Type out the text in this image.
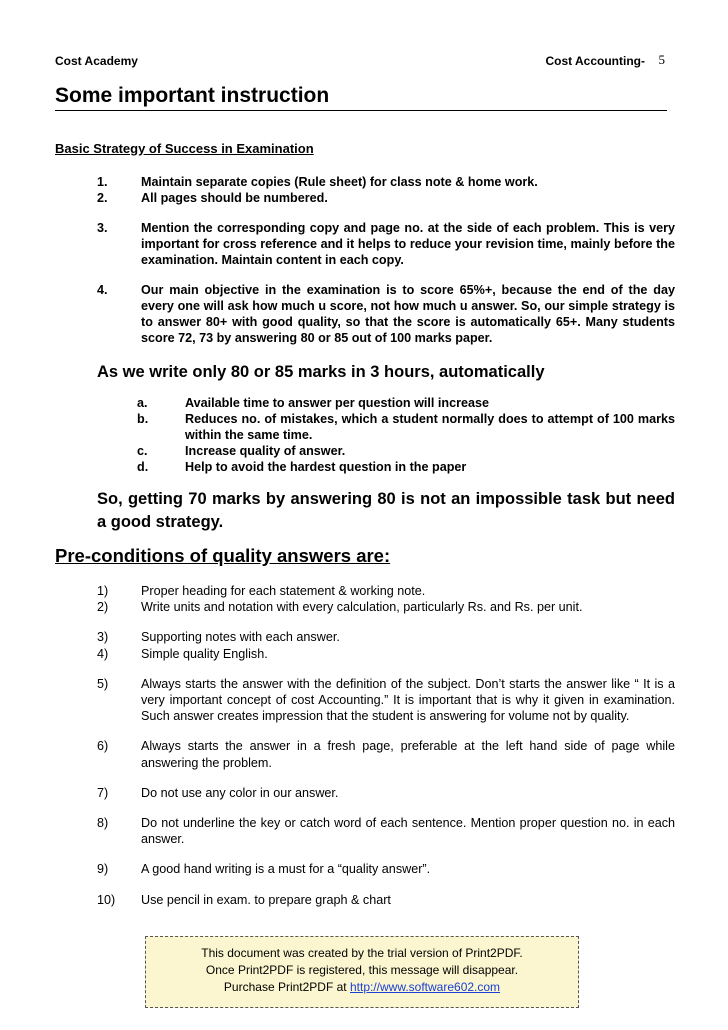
Cost Academy	Cost Accounting- 5
Some important instruction
Basic Strategy of Success in Examination
1.	Maintain separate copies (Rule sheet) for class note & home work.
2.	All pages should be numbered.
3.	Mention the corresponding copy and page no. at the side of each problem. This is very important for cross reference and it helps to reduce your revision time, mainly before the examination. Maintain content in each copy.
4.	Our main objective in the examination is to score 65%+, because the end of the day every one will ask how much u score, not how much u answer. So, our simple strategy is to answer 80+ with good quality, so that the score is automatically 65+. Many students score 72, 73 by answering 80 or 85 out of 100 marks paper.
As we write only 80 or 85 marks in 3 hours, automatically
a.	Available time to answer per question will increase
b.	Reduces no. of mistakes, which a student normally does to attempt of 100 marks within the same time.
c.	Increase quality of answer.
d.	Help to avoid the hardest question in the paper
So, getting 70 marks by answering 80 is not an impossible task but need a good strategy.
Pre-conditions of quality answers are:
1)	Proper heading for each statement & working note.
2)	Write units and notation with every calculation, particularly Rs. and Rs. per unit.
3)	Supporting notes with each answer.
4)	Simple quality English.
5)	Always starts the answer with the definition of the subject. Don’t starts the answer like “ It is a very important concept of cost Accounting.” It is important that is why it given in examination. Such answer creates impression that the student is answering for volume not by quality.
6)	Always starts the answer in a fresh page, preferable at the left hand side of page while answering the problem.
7)	Do not use any color in our answer.
8)	Do not underline the key or catch word of each sentence. Mention proper question no. in each answer.
9)	A good hand writing is a must for a “quality answer”.
10) Use pencil in exam. to prepare graph & chart
This document was created by the trial version of Print2PDF.
Once Print2PDF is registered, this message will disappear.
Purchase Print2PDF at http://www.software602.com
